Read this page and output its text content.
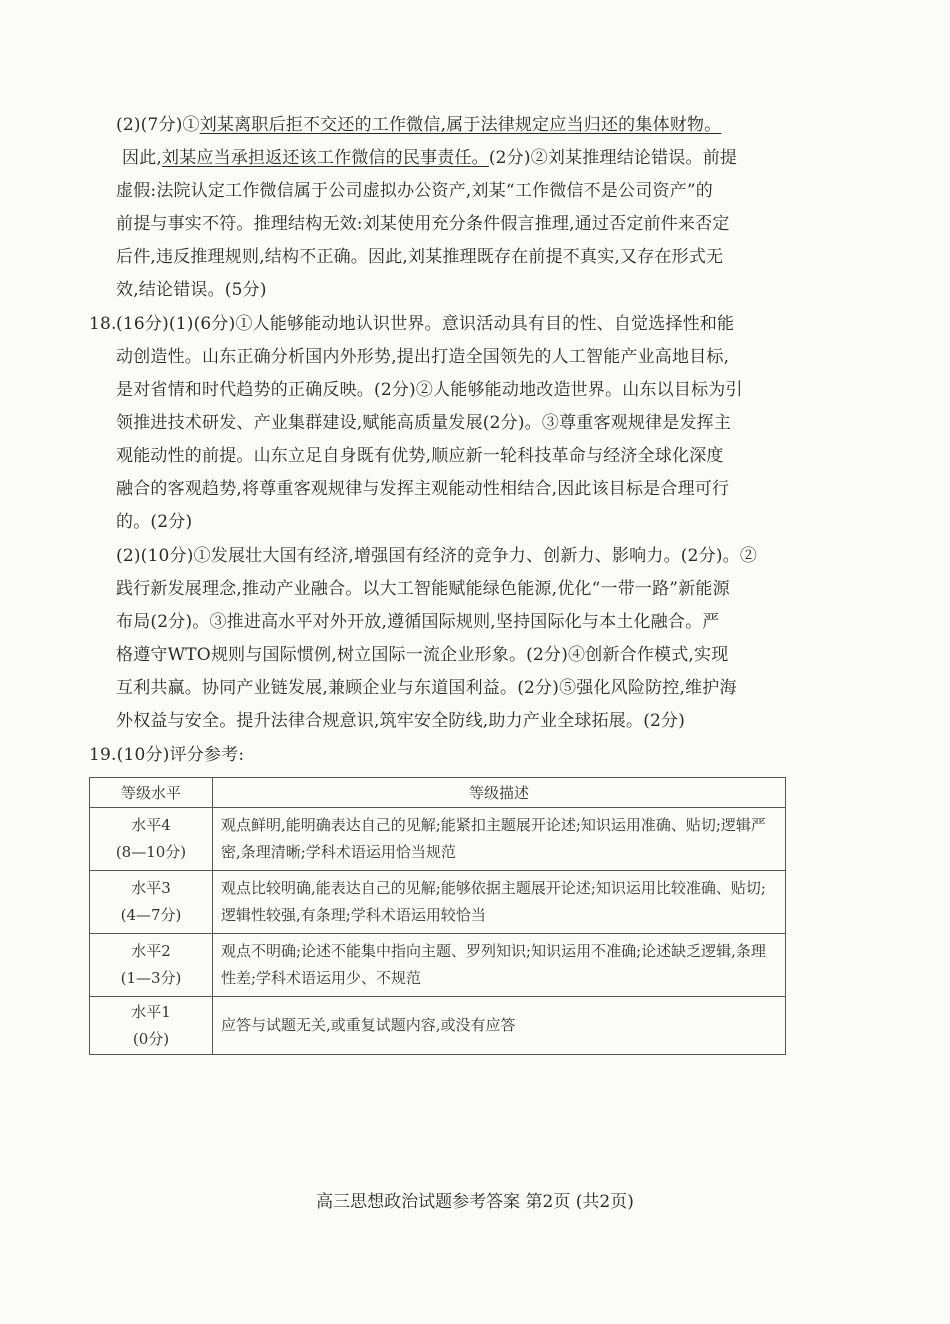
(2)(7分)①刘某离职后拒不交还的工作微信,属于法律规定应当归还的集体财物。
因此,刘某应当承担返还该工作微信的民事责任。(2分)②刘某推理结论错误。前提
虚假:法院认定工作微信属于公司虚拟办公资产,刘某“工作微信不是公司资产”的
前提与事实不符。推理结构无效:刘某使用充分条件假言推理,通过否定前件来否定
后件,违反推理规则,结构不正确。因此,刘某推理既存在前提不真实,又存在形式无
效,结论错误。(5分)
18. (16分)(1)(6分)①人能够能动地认识世界。意识活动具有目的性、自觉选择性和能
动创造性。山东正确分析国内外形势,提出打造全国领先的人工智能产业高地目标,
是对省情和时代趋势的正确反映。(2分)②人能够能动地改造世界。山东以目标为引
领推进技术研发、产业集群建设,赋能高质量发展(2分)。③尊重客观规律是发挥主
观能动性的前提。山东立足自身既有优势,顺应新一轮科技革命与经济全球化深度
融合的客观趋势,将尊重客观规律与发挥主观能动性相结合,因此该目标是合理可行
的。(2分)
(2)(10分)①发展壮大国有经济,增强国有经济的竞争力、创新力、影响力。(2分)。②
践行新发展理念,推动产业融合。以大工智能赋能绿色能源,优化“一带一路”新能源
布局(2分)。③推进高水平对外开放,遵循国际规则,坚持国际化与本土化融合。严
格遵守WTO规则与国际惯例,树立国际一流企业形象。(2分)④创新合作模式,实现
互利共赢。协同产业链发展,兼顾企业与东道国利益。(2分)⑤强化风险防控,维护海
外权益与安全。提升法律合规意识,筑牢安全防线,助力产业全球拓展。(2分)
19.(10分)评分参考:
等级水平	等级描述

水平4
(8—10分)	观点鲜明,能明确表达自己的见解;能紧扣主题展开论述;知识运用准确、贴切;逻辑严密,条理清晰;学科术语运用恰当规范

水平3
(4—7分)	观点比较明确,能表达自己的见解;能够依据主题展开论述;知识运用比较准确、贴切;逻辑性较强,有条理;学科术语运用较恰当

水平2
(1—3分)	观点不明确;论述不能集中指向主题、罗列知识;知识运用不准确;论述缺乏逻辑,条理性差;学科术语运用少、不规范

水平1
(0分)	应答与试题无关,或重复试题内容,或没有应答
高三思想政治试题参考答案 第2页 (共2页)
